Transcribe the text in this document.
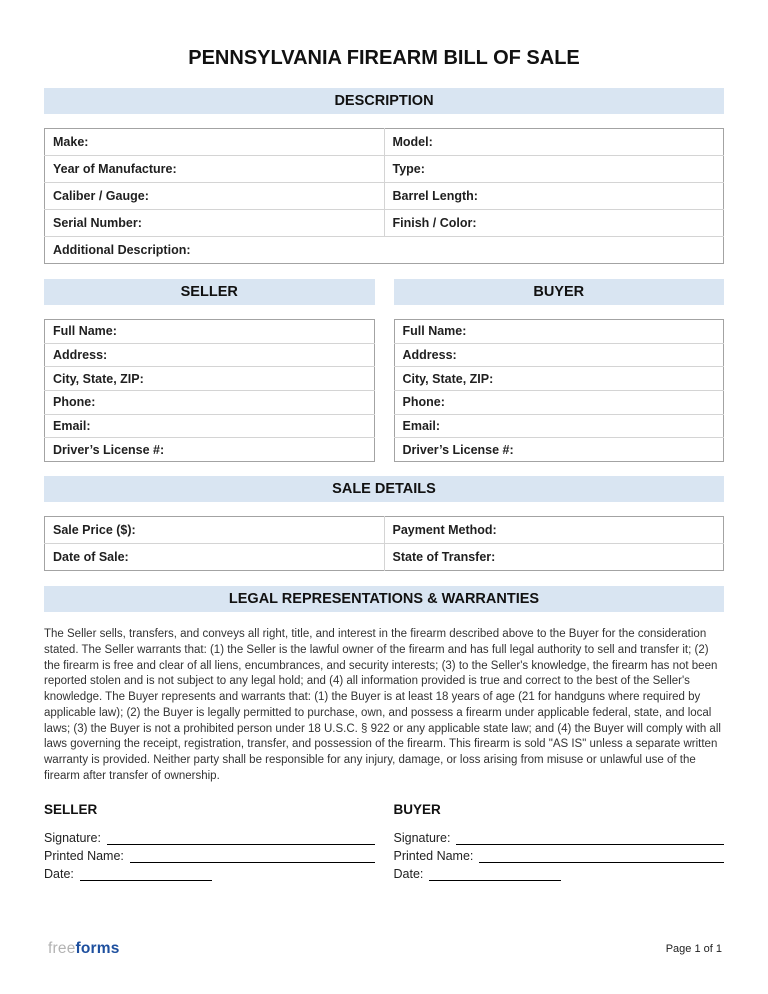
PENNSYLVANIA FIREARM BILL OF SALE
DESCRIPTION
Make:	Model:
Year of Manufacture:	Type:
Caliber / Gauge:	Barrel Length:
Serial Number:	Finish / Color:
Additional Description:	
SELLER	BUYER
Full Name:
Address:
City, State, ZIP:
Phone:
Email:
Driver’s License #:
Full Name:
Address:
City, State, ZIP:
Phone:
Email:
Driver’s License #:
SALE DETAILS
Sale Price ($):	Payment Method:
Date of Sale:	State of Transfer:
LEGAL REPRESENTATIONS & WARRANTIES

The Seller sells, transfers, and conveys all right, title, and interest in the firearm described above to the Buyer for the consideration stated. The Seller warrants that: (1) the Seller is the lawful owner of the firearm and has full legal authority to sell and transfer it; (2) the firearm is free and clear of all liens, encumbrances, and security interests; (3) to the Seller's knowledge, the firearm has not been reported stolen and is not subject to any legal hold; and (4) all information provided is true and correct to the best of the Seller's knowledge. The Buyer represents and warrants that: (1) the Buyer is at least 18 years of age (21 for handguns where required by applicable law); (2) the Buyer is legally permitted to purchase, own, and possess a firearm under applicable federal, state, and local laws; (3) the Buyer is not a prohibited person under 18 U.S.C. § 922 or any applicable state law; and (4) the Buyer will comply with all laws governing the receipt, registration, transfer, and possession of the firearm. This firearm is sold "AS IS" unless a separate written warranty is provided. Neither party shall be responsible for any injury, damage, or loss arising from misuse or unlawful use of the firearm after transfer of ownership.

SELLER
Signature:
Printed Name:
Date:
BUYER
Signature:
Printed Name:
Date:
freeforms	Page 1 of 1
